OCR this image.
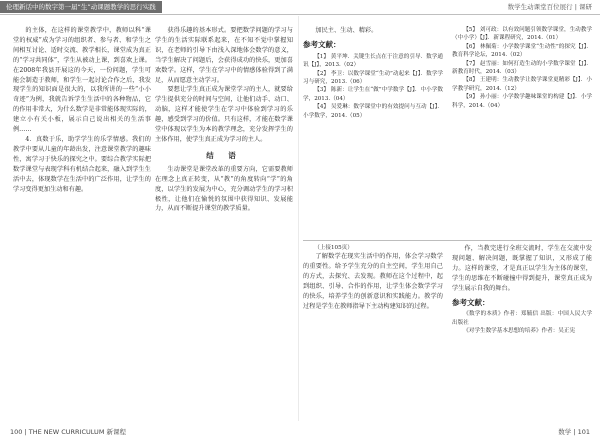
伦理新话中的数字第一届“生”动课题教学的思行实践	数学生动课堂百位展行 | 课研

的主体，在这样的课堂教学中，教师以科“课堂的权威”成为学习的组织者、参与者、和学生之间相互讨论、适时交流、教学相长，课堂成为真正的“学习共同体”，学生从被动上课，到喜欢上课。在2008年我县开展这的今天，一份问题，学生可能会制造于教师，和学生一起讨论合作之后，我发现学生的知识面是很大的，以我所讲的一些“小小奇迹”为例，我就告诉学生生活中的各种物品，它的作用非常大，为什么数学是非常能体现实际的，建立小有关小板，展示自己说出相关的生活事例……

4．真数于乐，助学学生的乐学情感。我们的教学中要从儿童的年龄出发，注意课堂教学的趣味性，寓学习于快乐的探究之中。要综合教学实际把数学课堂与表现学科有机结合起来，融入到学生生活中去，体现数学在生活中的广泛作用，让学生的学习变得更加生动和有趣。

获得乐趣的基本形式。要把数学问题的学习与学生的生活实际联系起来，在不知不觉中掌握知识，在老师的引导下由浅入深地体会数学的意义，当学生解决了问题后，会获得成功的快乐，更加喜欢数学。这样，学生在学习中的情感体验得到了满足，从而愿意主动学习。

要想让学生真正成为课堂学习的主人，就要给学生提供充分的时间与空间，让他们动手、动口、动脑，这样才能使学生在学习中体验到学习的乐趣，感受到学习的价值。只有这样，才能在数学课堂中体现以学生为本的教学理念，充分发挥学生的主体作用，使学生真正成为学习的主人。

结 语

生动课堂是课堂改革的重要方向，它需要教师在理念上真正转变，从“教”的角度转向“学”的角度，以学生的发展为中心，充分调动学生的学习积极性，让他们在愉悦的氛围中获得知识、发展能力，从而不断提升课堂的教学质量。

加民主、生动、精彩。

参考文献：

【1】 黄平坤．关键生长点在于注意的引导．数学通讯【J】，2013.（02）

【2】 李卫：以数学课堂“生动”动起来【J】．数学学习与研究，2013.（06）

【3】 陈新：让学生在“做”中学数学【J】．中小学数学，2013.（04）

【4】 吴爱琳：数学课堂中的有效提问与互动【J】．小学数学，2014.（05）

【5】 刘可政：以有效问题引领数学课堂，生动教学（中小学）【J】．新课程研究，2014.（01）

【6】 林佩菊：小学数学课堂“生动性”的探究【J】．教育科学论坛，2014.（02）

【7】 赵雪丽：如何打造生动的小学数学课堂【J】．新教育时代，2014.（03）

【8】 王建明：生动教学让数学课堂更精彩【J】．小学教学研究，2014.（12）

【9】 孙小丽：小学数学趣味课堂的构建【J】．小学科学，2014.（04）

（上接105页）

了解数学在现实生活中的作用，体会学习数学的重要性。给予学生充分的自主空间，学生用自己的方式，去探究、去发现。教师在这个过程中，起到组织、引导、合作的作用，让学生体会数学学习的快乐，培养学生的创新意识和实践能力。教学的过程是学生在教师指导下主动构建知识的过程。

作，当教完进行全班交流时，学生在交流中发现问题、解决问题，既掌握了知识，又形成了能力。这样的课堂，才是真正以学生为主体的课堂，学生的思维在不断碰撞中得到提升，课堂真正成为学生展示自我的舞台。

参考文献：

《数学的本质》作者：郑毓信 出版：中国人民大学出版社

《对学生数学基本思想的培养》作者：吴正宪

100 | THE NEW CURRICULUM 新课程	数学 | 101
